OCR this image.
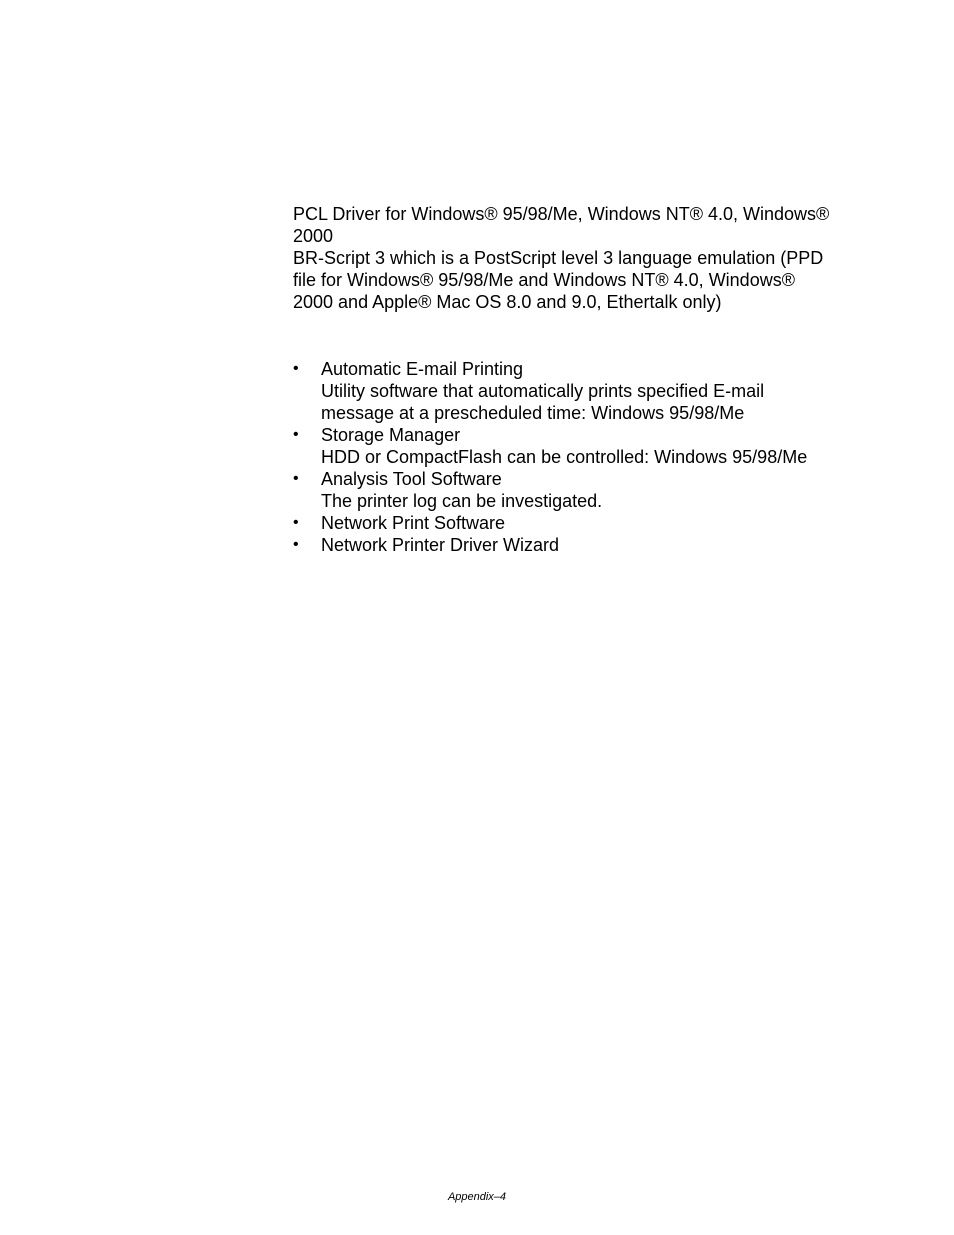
PCL Driver for Windows® 95/98/Me, Windows NT® 4.0, Windows®

2000

BR-Script 3 which is a PostScript level 3 language emulation (PPD

file for Windows® 95/98/Me and Windows NT® 4.0, Windows®

2000 and Apple® Mac OS 8.0 and 9.0, Ethertalk only)

• Automatic E-mail Printing
Utility software that automatically prints specified E-mail
message at a prescheduled time: Windows 95/98/Me
• Storage Manager
HDD or CompactFlash can be controlled: Windows 95/98/Me
• Analysis Tool Software
The printer log can be investigated.
• Network Print Software
• Network Printer Driver Wizard
Appendix–4
